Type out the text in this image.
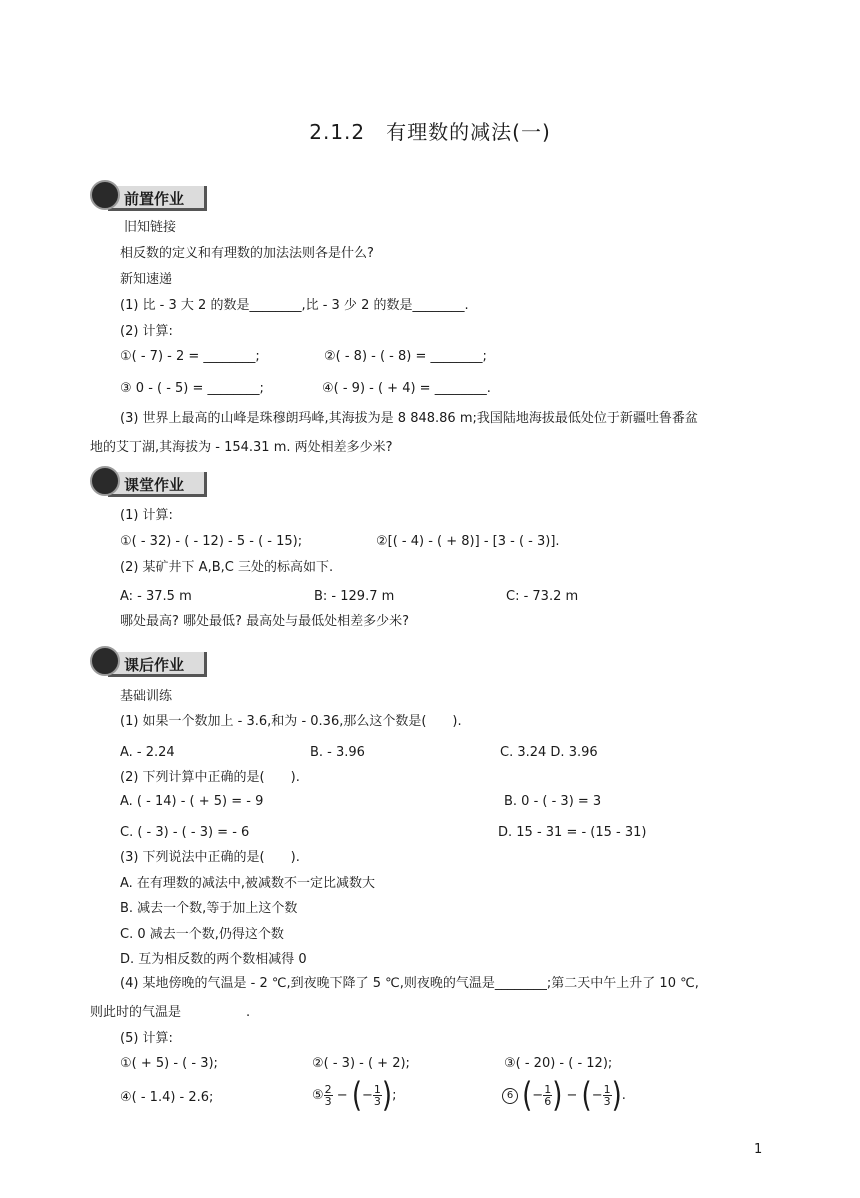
2.1.2　有理数的减法(一)
前置作业
旧知链接
相反数的定义和有理数的加法法则各是什么?
新知速递
(1) 比 - 3 大 2 的数是________,比 - 3 少 2 的数是________.
(2) 计算:
①( - 7) - 2 = ________;	②( - 8) - ( - 8) = ________;
③ 0 - ( - 5) = ________;	④( - 9) - ( + 4) = ________.
(3) 世界上最高的山峰是珠穆朗玛峰,其海拔为是 8 848.86 m;我国陆地海拔最低处位于新疆吐鲁番盆
地的艾丁湖,其海拔为 - 154.31 m. 两处相差多少米?
课堂作业
(1) 计算:
①( - 32) - ( - 12) - 5 - ( - 15);	②[( - 4) - ( + 8)] - [3 - ( - 3)].
(2) 某矿井下 A,B,C 三处的标高如下.
A: - 37.5 m	B: - 129.7 m	C: - 73.2 m
哪处最高? 哪处最低? 最高处与最低处相差多少米?
课后作业
基础训练
(1) 如果一个数加上 - 3.6,和为 - 0.36,那么这个数是(　　).
A. - 2.24	B. - 3.96	C. 3.24 D. 3.96
(2) 下列计算中正确的是(　　).
A. ( - 14) - ( + 5) = - 9	B. 0 - ( - 3) = 3
C. ( - 3) - ( - 3) = - 6	D. 15 - 31 = - (15 - 31)
(3) 下列说法中正确的是(　　).
A. 在有理数的减法中,被减数不一定比减数大
B. 减去一个数,等于加上这个数
C. 0 减去一个数,仍得这个数
D. 互为相反数的两个数相减得 0
(4) 某地傍晚的气温是 - 2 ℃,到夜晚下降了 5 ℃,则夜晚的气温是________;第二天中午上升了 10 ℃,
则此时的气温是　　　　　.
(5) 计算:
①( + 5) - ( - 3);	②( - 3) - ( + 2);	③( - 20) - ( - 12);
④( - 1.4) - 2.6;	⑤ $\frac{2}{3}$ − (− $\frac{1}{3}$ );	6 (− $\frac{1}{6}$ ) − (− $\frac{1}{3}$ ).
1
